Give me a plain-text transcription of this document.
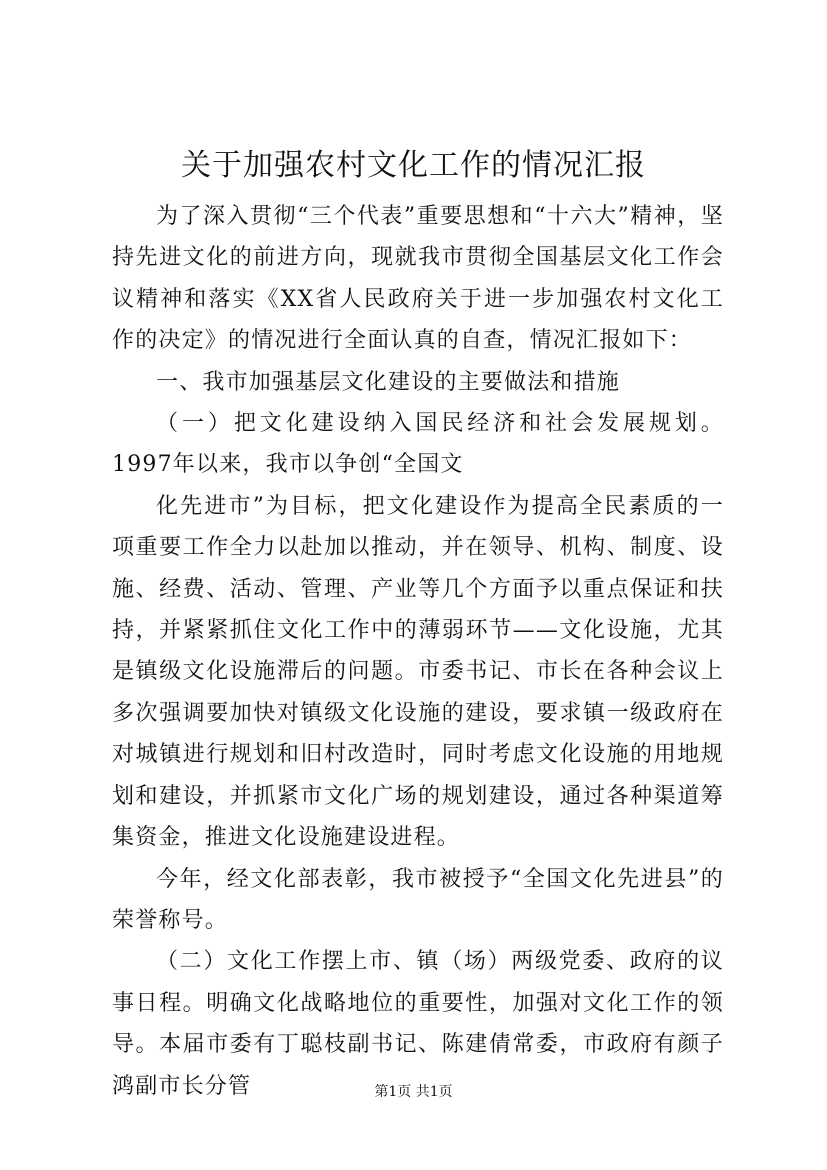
关于加强农村文化工作的情况汇报

为了深入贯彻“三个代表”重要思想和“十六大”精神，坚持先进文化的前进方向，现就我市贯彻全国基层文化工作会议精神和落实《XX省人民政府关于进一步加强农村文化工作的决定》的情况进行全面认真的自查，情况汇报如下：

一、我市加强基层文化建设的主要做法和措施

（一）把文化建设纳入国民经济和社会发展规划。1997年以来，我市以争创“全国文

化先进市”为目标，把文化建设作为提高全民素质的一项重要工作全力以赴加以推动，并在领导、机构、制度、设施、经费、活动、管理、产业等几个方面予以重点保证和扶持，并紧紧抓住文化工作中的薄弱环节——文化设施，尤其是镇级文化设施滞后的问题。市委书记、市长在各种会议上多次强调要加快对镇级文化设施的建设，要求镇一级政府在对城镇进行规划和旧村改造时，同时考虑文化设施的用地规划和建设，并抓紧市文化广场的规划建设，通过各种渠道筹集资金，推进文化设施建设进程。

今年，经文化部表彰，我市被授予“全国文化先进县”的荣誉称号。

（二）文化工作摆上市、镇（场）两级党委、政府的议事日程。明确文化战略地位的重要性，加强对文化工作的领导。本届市委有丁聪枝副书记、陈建倩常委，市政府有颜子鸿副市长分管	第1页 共1页
